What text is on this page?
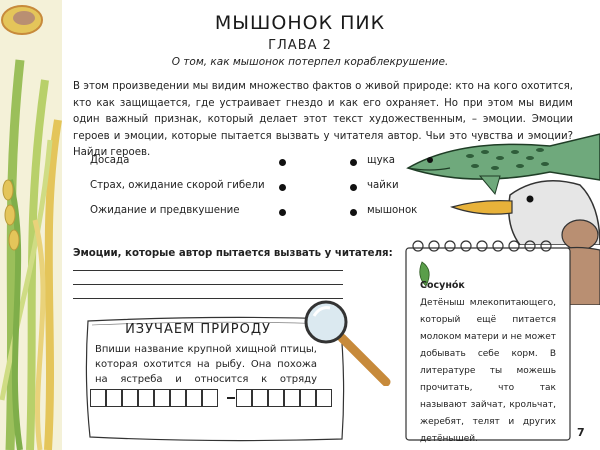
МЫШОНОК ПИК
ГЛАВА 2
О том, как мышонок потерпел кораблекрушение.
В этом произведении мы видим множество фактов о живой природе: кто на кого охотится, кто как защищается, где устраивает гнездо и как его охраняет. Но при этом мы видим один важный признак, который делает этот текст художественным, – эмоции. Эмоции героев и эмоции, которые пытается вызвать у читателя автор. Чьи это чувства и эмоции? Найди героев.
Досада	щука
Страх, ожидание скорой гибели	чайки
Ожидание и предвкушение	мышонок
Эмоции, которые автор пытается вызвать у читателя:
ИЗУЧАЕМ ПРИРОДУ
Впиши название крупной хищной птицы, которая охотится на рыбу. Она похожа на ястреба и относится к отряду
Сосунóк
Детёныш млекопитающего, который ещё питается молоком матери и не может добывать себе корм. В литературе ты можешь прочитать, что так называют зайчат, крольчат, жеребят, телят и других детёнышей.	7
